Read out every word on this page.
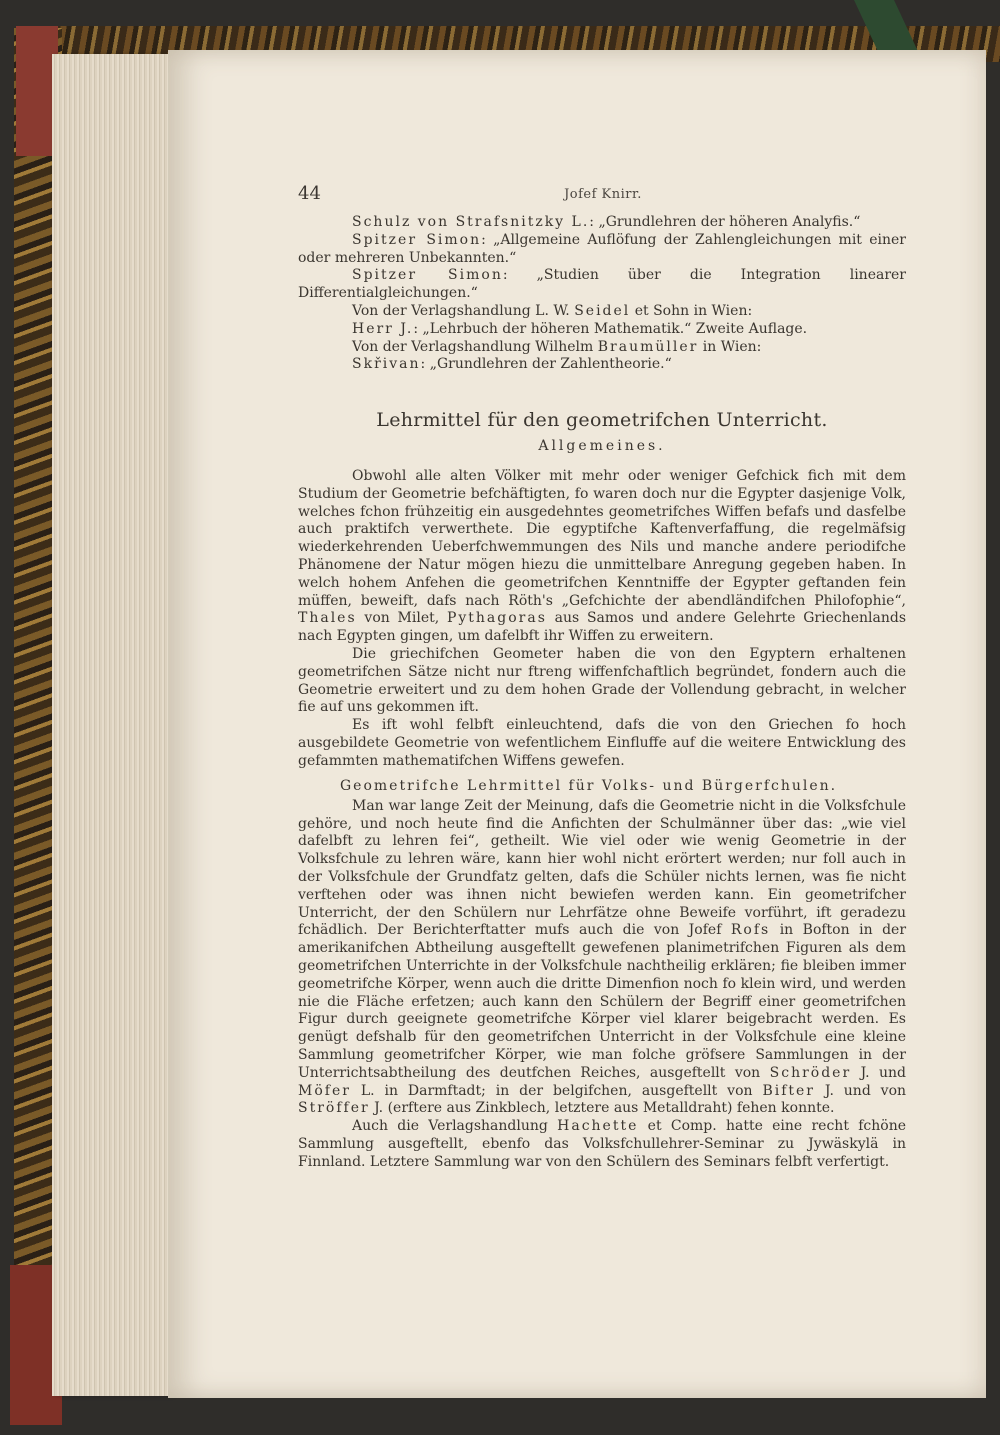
44	Jofef Knirr.

Schulz von Strafsnitzky L.: „Grundlehren der höheren Analyfis.“

Spitzer Simon: „Allgemeine Auflöfung der Zahlengleichungen mit einer oder mehreren Unbekannten.“

Spitzer Simon: „Studien über die Integration linearer Differentialgleichungen.“

Von der Verlagshandlung L. W. Seidel et Sohn in Wien:

Herr J.: „Lehrbuch der höheren Mathematik.“ Zweite Auflage.

Von der Verlagshandlung Wilhelm Braumüller in Wien:

Skřivan: „Grundlehren der Zahlentheorie.“

Lehrmittel für den geometrifchen Unterricht.

Allgemeines.

Obwohl alle alten Völker mit mehr oder weniger Gefchick fich mit dem Studium der Geometrie befchäftigten, fo waren doch nur die Egypter dasjenige Volk, welches fchon frühzeitig ein ausgedehntes geometrifches Wiffen befafs und dasfelbe auch praktifch verwerthete. Die egyptifche Kaftenverfaffung, die regelmäfsig wiederkehrenden Ueberfchwemmungen des Nils und manche andere periodifche Phänomene der Natur mögen hiezu die unmittelbare Anregung gegeben haben. In welch hohem Anfehen die geometrifchen Kenntniffe der Egypter geftanden fein müffen, beweift, dafs nach Röth's „Gefchichte der abendländifchen Philofophie“, Thales von Milet, Pythagoras aus Samos und andere Gelehrte Griechenlands nach Egypten gingen, um dafelbft ihr Wiffen zu erweitern.

Die griechifchen Geometer haben die von den Egyptern erhaltenen geometrifchen Sätze nicht nur ftreng wiffenfchaftlich begründet, fondern auch die Geometrie erweitert und zu dem hohen Grade der Vollendung gebracht, in welcher fie auf uns gekommen ift.

Es ift wohl felbft einleuchtend, dafs die von den Griechen fo hoch ausgebildete Geometrie von wefentlichem Einfluffe auf die weitere Entwicklung des gefammten mathematifchen Wiffens gewefen.

Geometrifche Lehrmittel für Volks- und Bürgerfchulen.

Man war lange Zeit der Meinung, dafs die Geometrie nicht in die Volksfchule gehöre, und noch heute find die Anfichten der Schulmänner über das: „wie viel dafelbft zu lehren fei“, getheilt. Wie viel oder wie wenig Geometrie in der Volksfchule zu lehren wäre, kann hier wohl nicht erörtert werden; nur foll auch in der Volksfchule der Grundfatz gelten, dafs die Schüler nichts lernen, was fie nicht verftehen oder was ihnen nicht bewiefen werden kann. Ein geometrifcher Unterricht, der den Schülern nur Lehrfätze ohne Beweife vorführt, ift geradezu fchädlich. Der Berichterftatter mufs auch die von Jofef Rofs in Bofton in der amerikanifchen Abtheilung ausgeftellt gewefenen planimetrifchen Figuren als dem geometrifchen Unterrichte in der Volksfchule nachtheilig erklären; fie bleiben immer geometrifche Körper, wenn auch die dritte Dimenfion noch fo klein wird, und werden nie die Fläche erfetzen; auch kann den Schülern der Begriff einer geometrifchen Figur durch geeignete geometrifche Körper viel klarer beigebracht werden. Es genügt defshalb für den geometrifchen Unterricht in der Volksfchule eine kleine Sammlung geometrifcher Körper, wie man folche gröfsere Sammlungen in der Unterrichtsabtheilung des deutfchen Reiches, ausgeftellt von Schröder J. und Möfer L. in Darmftadt; in der belgifchen, ausgeftellt von Bifter J. und von Ströffer J. (erftere aus Zinkblech, letztere aus Metalldraht) fehen konnte.

Auch die Verlagshandlung Hachette et Comp. hatte eine recht fchöne Sammlung ausgeftellt, ebenfo das Volksfchullehrer-Seminar zu Jywäskylä in Finnland. Letztere Sammlung war von den Schülern des Seminars felbft verfertigt.
